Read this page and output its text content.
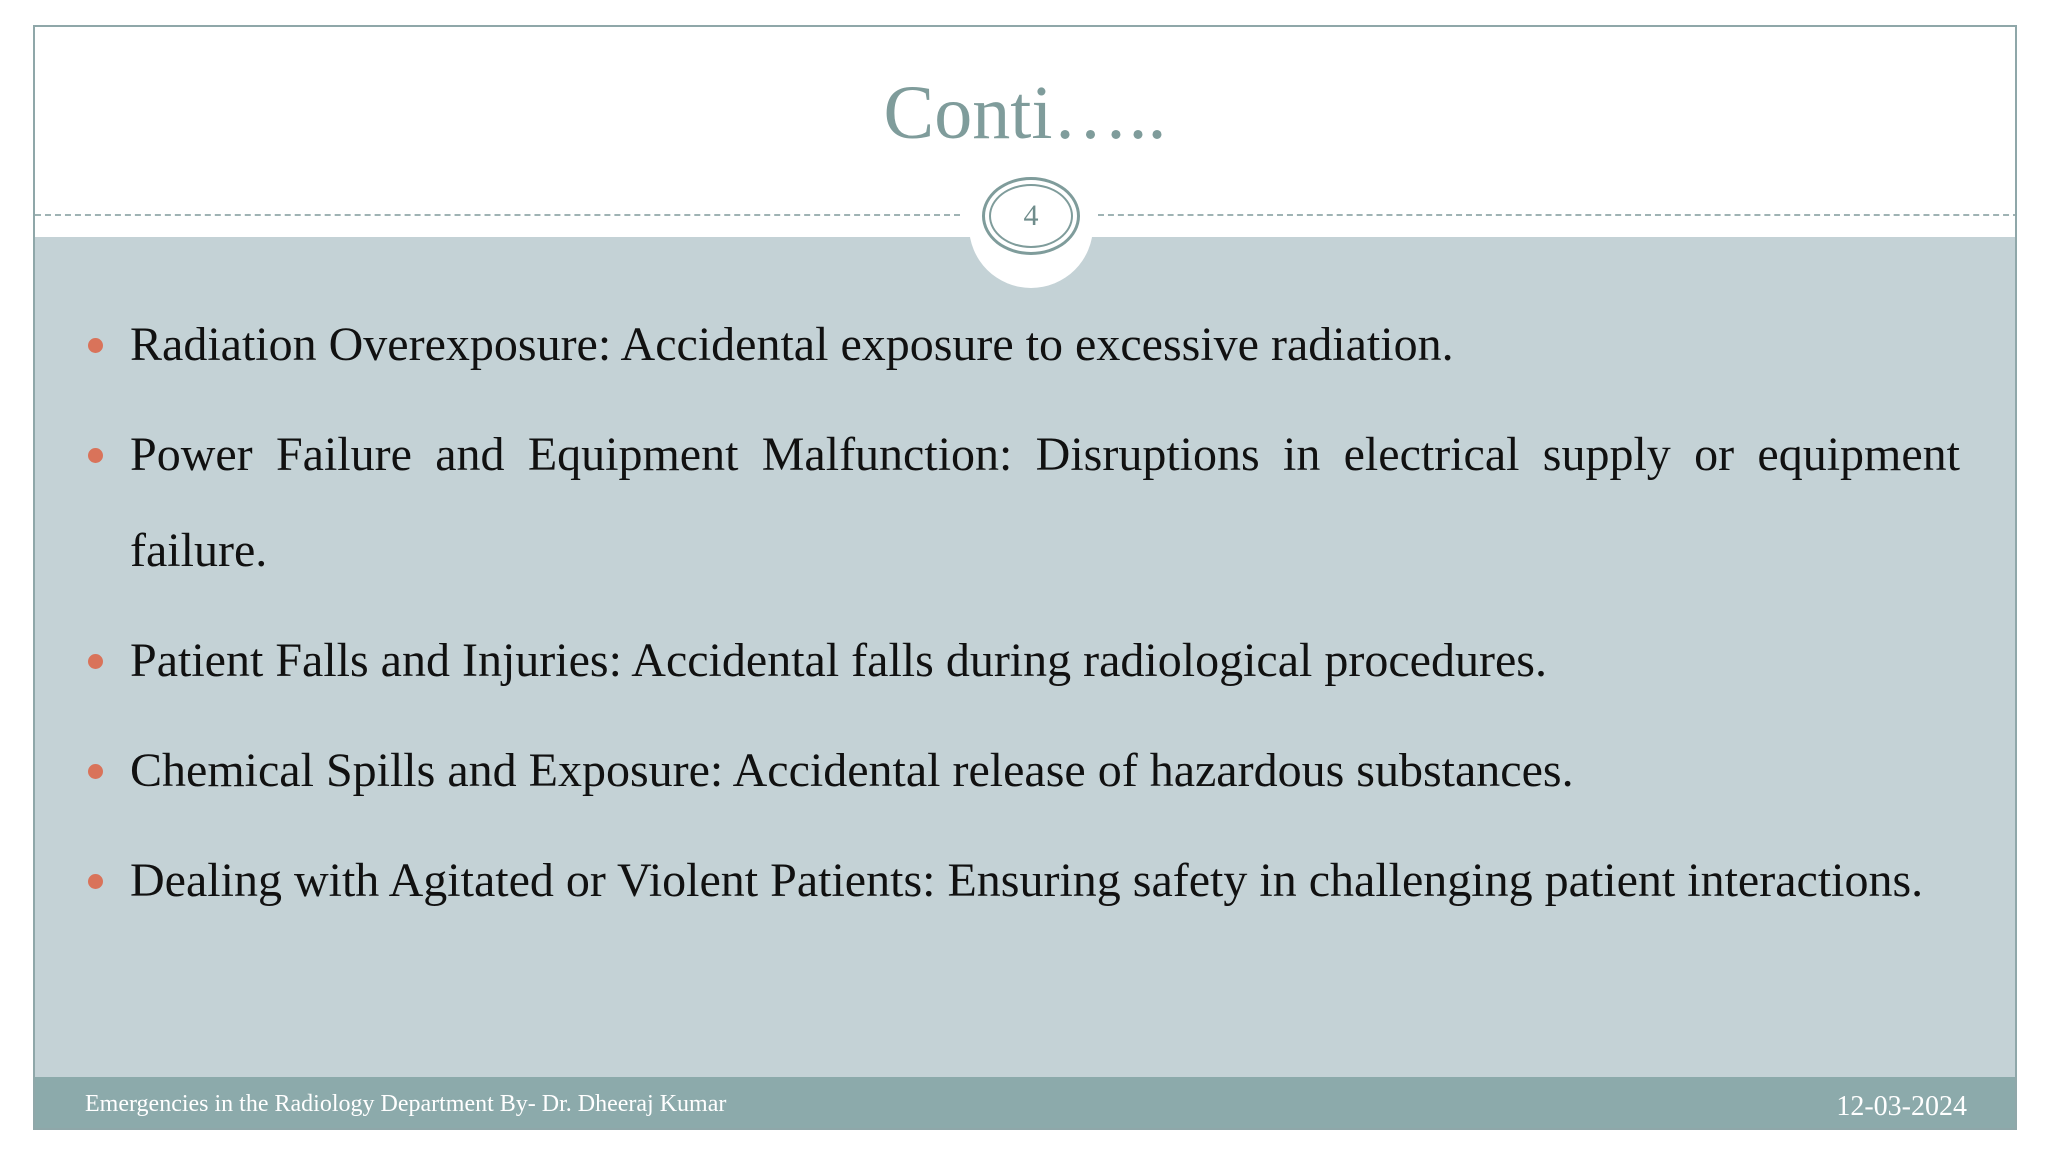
Conti…..
Radiation Overexposure: Accidental exposure to excessive radiation.
Power Failure and Equipment Malfunction: Disruptions in electrical supply or equipment failure.
Patient Falls and Injuries: Accidental falls during radiological procedures.
Chemical Spills and Exposure: Accidental release of hazardous substances.
Dealing with Agitated or Violent Patients: Ensuring safety in challenging patient interactions.
4
Emergencies in the Radiology Department By- Dr. Dheeraj Kumar	12-03-2024
